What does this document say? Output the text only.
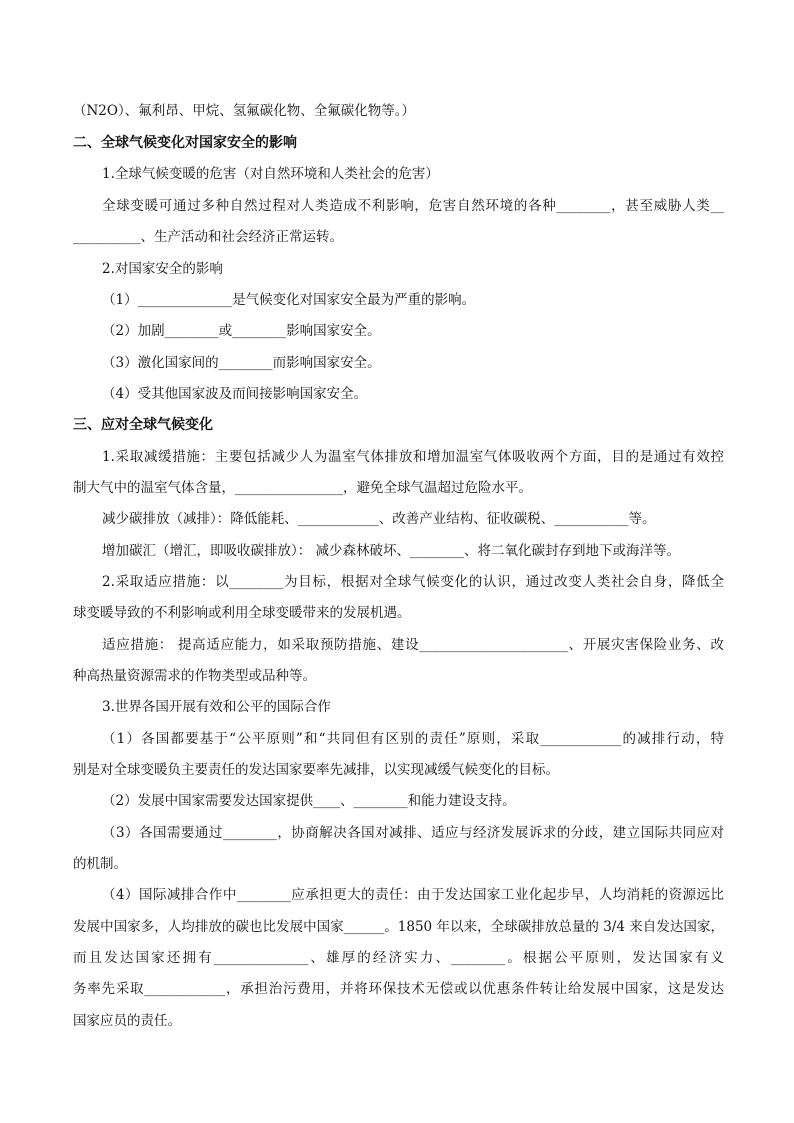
（N2O）、氟利昂、甲烷、氢氟碳化物、全氟碳化物等。）
二、全球气候变化对国家安全的影响
1.全球气候变暖的危害（对自然环境和人类社会的危害）
全球变暖可通过多种自然过程对人类造成不利影响，危害自然环境的各种________，甚至威胁人类__
__________、生产活动和社会经济正常运转。
2.对国家安全的影响
（1）______________是气候变化对国家安全最为严重的影响。
（2）加剧________或________影响国家安全。
（3）激化国家间的________而影响国家安全。
（4）受其他国家波及而间接影响国家安全。
三、应对全球气候变化
1.采取减缓措施：主要包括减少人为温室气体排放和增加温室气体吸收两个方面，目的是通过有效控
制大气中的温室气体含量，________________，避免全球气温超过危险水平。
减少碳排放（减排）：降低能耗、____________、改善产业结构、征收碳税、___________等。
增加碳汇（增汇，即吸收碳排放）： 减少森林破坏、________、将二氧化碳封存到地下或海洋等。
2.采取适应措施：以________为目标，根据对全球气候变化的认识，通过改变人类社会自身，降低全
球变暖导致的不利影响或利用全球变暖带来的发展机遇。
适应措施： 提高适应能力，如采取预防措施、建设______________________、开展灾害保险业务、改
种高热量资源需求的作物类型或品种等。
3.世界各国开展有效和公平的国际合作
（1）各国都要基于“公平原则”和“共同但有区别的责任”原则，采取____________的减排行动，特
别是对全球变暖负主要责任的发达国家要率先减排，以实现减缓气候变化的目标。
（2）发展中国家需要发达国家提供____、________和能力建设支持。
（3）各国需要通过________，协商解决各国对减排、适应与经济发展诉求的分歧，建立国际共同应对
的机制。
（4）国际减排合作中________应承担更大的责任：由于发达国家工业化起步早，人均消耗的资源远比
发展中国家多，人均排放的碳也比发展中国家______。1850 年以来，全球碳排放总量的 3/4 来自发达国家，
而且发达国家还拥有______________、雄厚的经济实力、________。根据公平原则，发达国家有义
务率先采取____________，承担治污费用，并将环保技术无偿或以优惠条件转让给发展中国家，这是发达
国家应员的责任。
